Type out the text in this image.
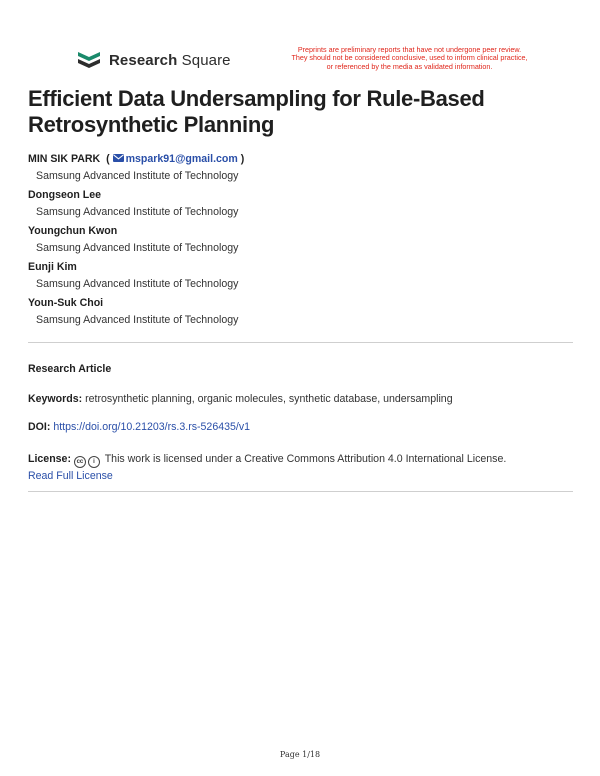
Research Square
Preprints are preliminary reports that have not undergone peer review.
They should not be considered conclusive, used to inform clinical practice,
or referenced by the media as validated information.
Efficient Data Undersampling for Rule-Based Retrosynthetic Planning
MIN SIK PARK ( mspark91@gmail.com )
Samsung Advanced Institute of Technology
Dongseon Lee
Samsung Advanced Institute of Technology
Youngchun Kwon
Samsung Advanced Institute of Technology
Eunji Kim
Samsung Advanced Institute of Technology
Youn-Suk Choi
Samsung Advanced Institute of Technology
Research Article
Keywords: retrosynthetic planning, organic molecules, synthetic database, undersampling
DOI: https://doi.org/10.21203/rs.3.rs-526435/v1
License: cc i This work is licensed under a Creative Commons Attribution 4.0 International License.
Read Full License
Page 1/18
